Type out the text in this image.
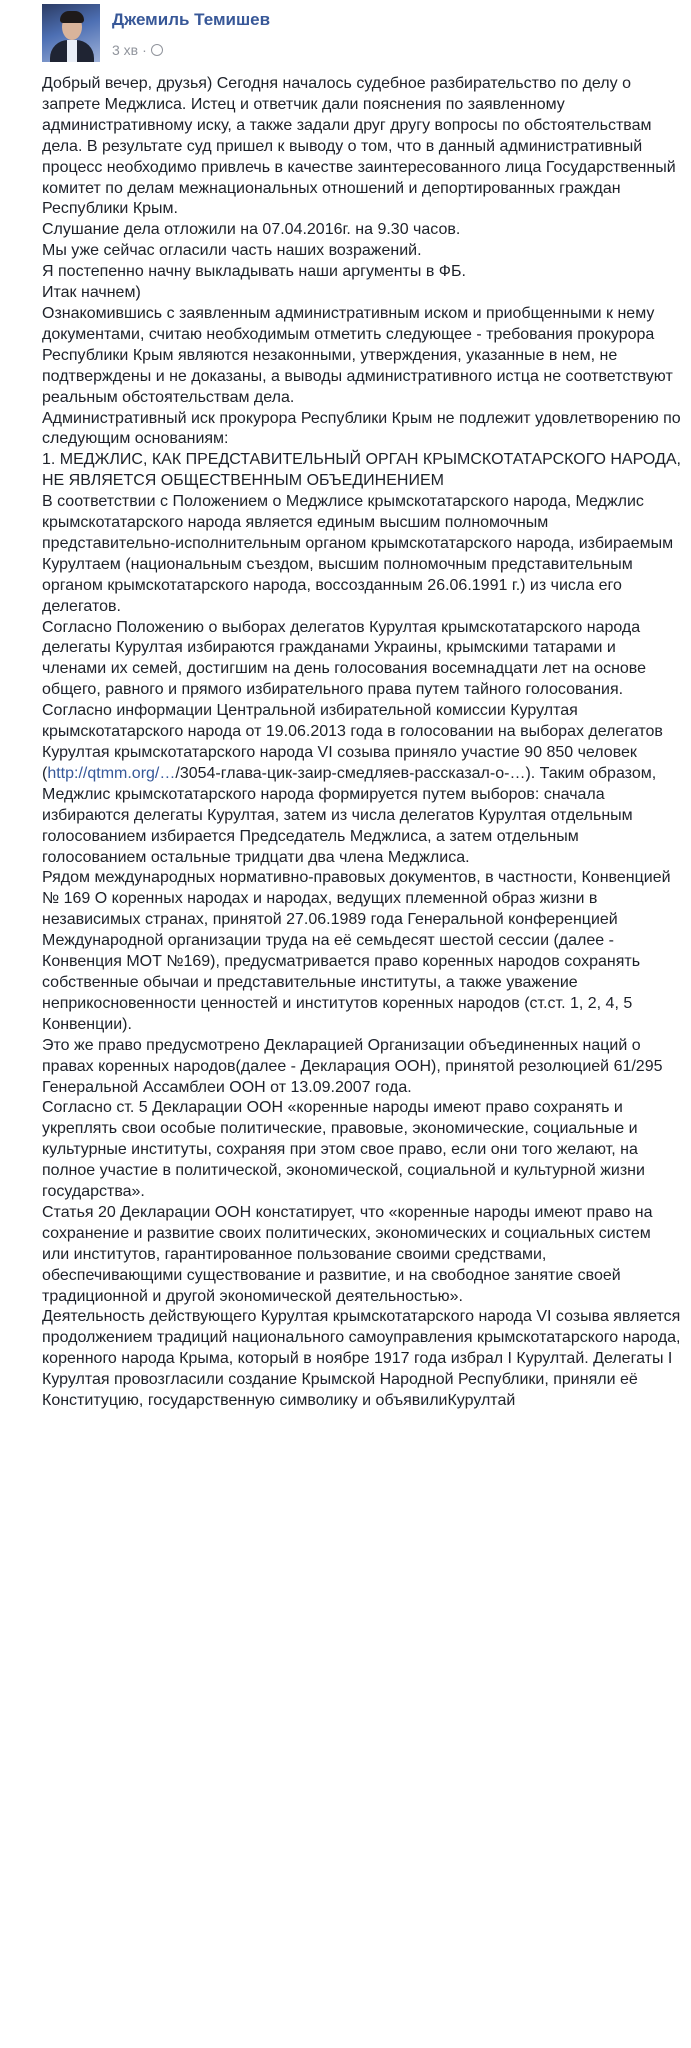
Джемиль Темишев
3 хв ·

Добрый вечер, друзья) Сегодня началось судебное разбирательство по делу о запрете Меджлиса. Истец и ответчик дали пояснения по заявленному административному иску, а также задали друг другу вопросы по обстоятельствам дела. В результате суд пришел к выводу о том, что в данный административный процесс необходимо привлечь в качестве заинтересованного лица Государственный комитет по делам межнациональных отношений и депортированных граждан Республики Крым.

Слушание дела отложили на 07.04.2016г. на 9.30 часов.

Мы уже сейчас огласили часть наших возражений.

Я постепенно начну выкладывать наши аргументы в ФБ.

Итак начнем)

Ознакомившись с заявленным административным иском и приобщенными к нему документами, считаю необходимым отметить следующее - требования прокурора Республики Крым являются незаконными, утверждения, указанные в нем, не подтверждены и не доказаны, а выводы административного истца не соответствуют реальным обстоятельствам дела.

Административный иск прокурора Республики Крым не подлежит удовлетворению по следующим основаниям:

1. МЕДЖЛИС, КАК ПРЕДСТАВИТЕЛЬНЫЙ ОРГАН КРЫМСКОТАТАРСКОГО НАРОДА, НЕ ЯВЛЯЕТСЯ ОБЩЕСТВЕННЫМ ОБЪЕДИНЕНИЕМ

В соответствии с Положением о Меджлисе крымскотатарского народа, Меджлис крымскотатарского народа является единым высшим полномочным представительно-исполнительным органом крымскотатарского народа, избираемым Курултаем (национальным съездом, высшим полномочным представительным органом крымскотатарского народа, воссозданным 26.06.1991 г.) из числа его делегатов.

Согласно Положению о выборах делегатов Курултая крымскотатарского народа делегаты Курултая избираются гражданами Украины, крымскими татарами и членами их семей, достигшим на день голосования восемнадцати лет на основе общего, равного и прямого избирательного права путем тайного голосования. Согласно информации Центральной избирательной комиссии Курултая крымскотатарского народа от 19.06.2013 года в голосовании на выборах делегатов Курултая крымскотатарского народа VI созыва приняло участие 90 850 человек (http://qtmm.org/…/3054-глава-цик-заир-смедляев-рассказал-о-…). Таким образом, Меджлис крымскотатарского народа формируется путем выборов: сначала избираются делегаты Курултая, затем из числа делегатов Курултая отдельным голосованием избирается Председатель Меджлиса, а затем отдельным голосованием остальные тридцати два члена Меджлиса.

Рядом международных нормативно-правовых документов, в частности, Конвенцией № 169 О коренных народах и народах, ведущих племенной образ жизни в независимых странах, принятой 27.06.1989 года Генеральной конференцией Международной организации труда на её семьдесят шестой сессии (далее - Конвенция МОТ №169), предусматривается право коренных народов сохранять собственные обычаи и представительные институты, а также уважение неприкосновенности ценностей и институтов коренных народов (ст.ст. 1, 2, 4, 5 Конвенции).

Это же право предусмотрено Декларацией Организации объединенных наций о правах коренных народов(далее - Декларация ООН), принятой резолюцией 61/295 Генеральной Ассамблеи ООН от 13.09.2007 года.

Согласно ст. 5 Декларации ООН «коренные народы имеют право сохранять и укреплять свои особые политические, правовые, экономические, социальные и культурные институты, сохраняя при этом свое право, если они того желают, на полное участие в политической, экономической, социальной и культурной жизни государства».

Статья 20 Декларации ООН констатирует, что «коренные народы имеют право на сохранение и развитие своих политических, экономических и социальных систем или институтов, гарантированное пользование своими средствами, обеспечивающими существование и развитие, и на свободное занятие своей традиционной и другой экономической деятельностью».

Деятельность действующего Курултая крымскотатарского народа VI созыва является продолжением традиций национального самоуправления крымскотатарского народа, коренного народа Крыма, который в ноябре 1917 года избрал I Курултай. Делегаты I Курултая провозгласили создание Крымской Народной Республики, приняли её Конституцию, государственную символику и объявилиКурултай
